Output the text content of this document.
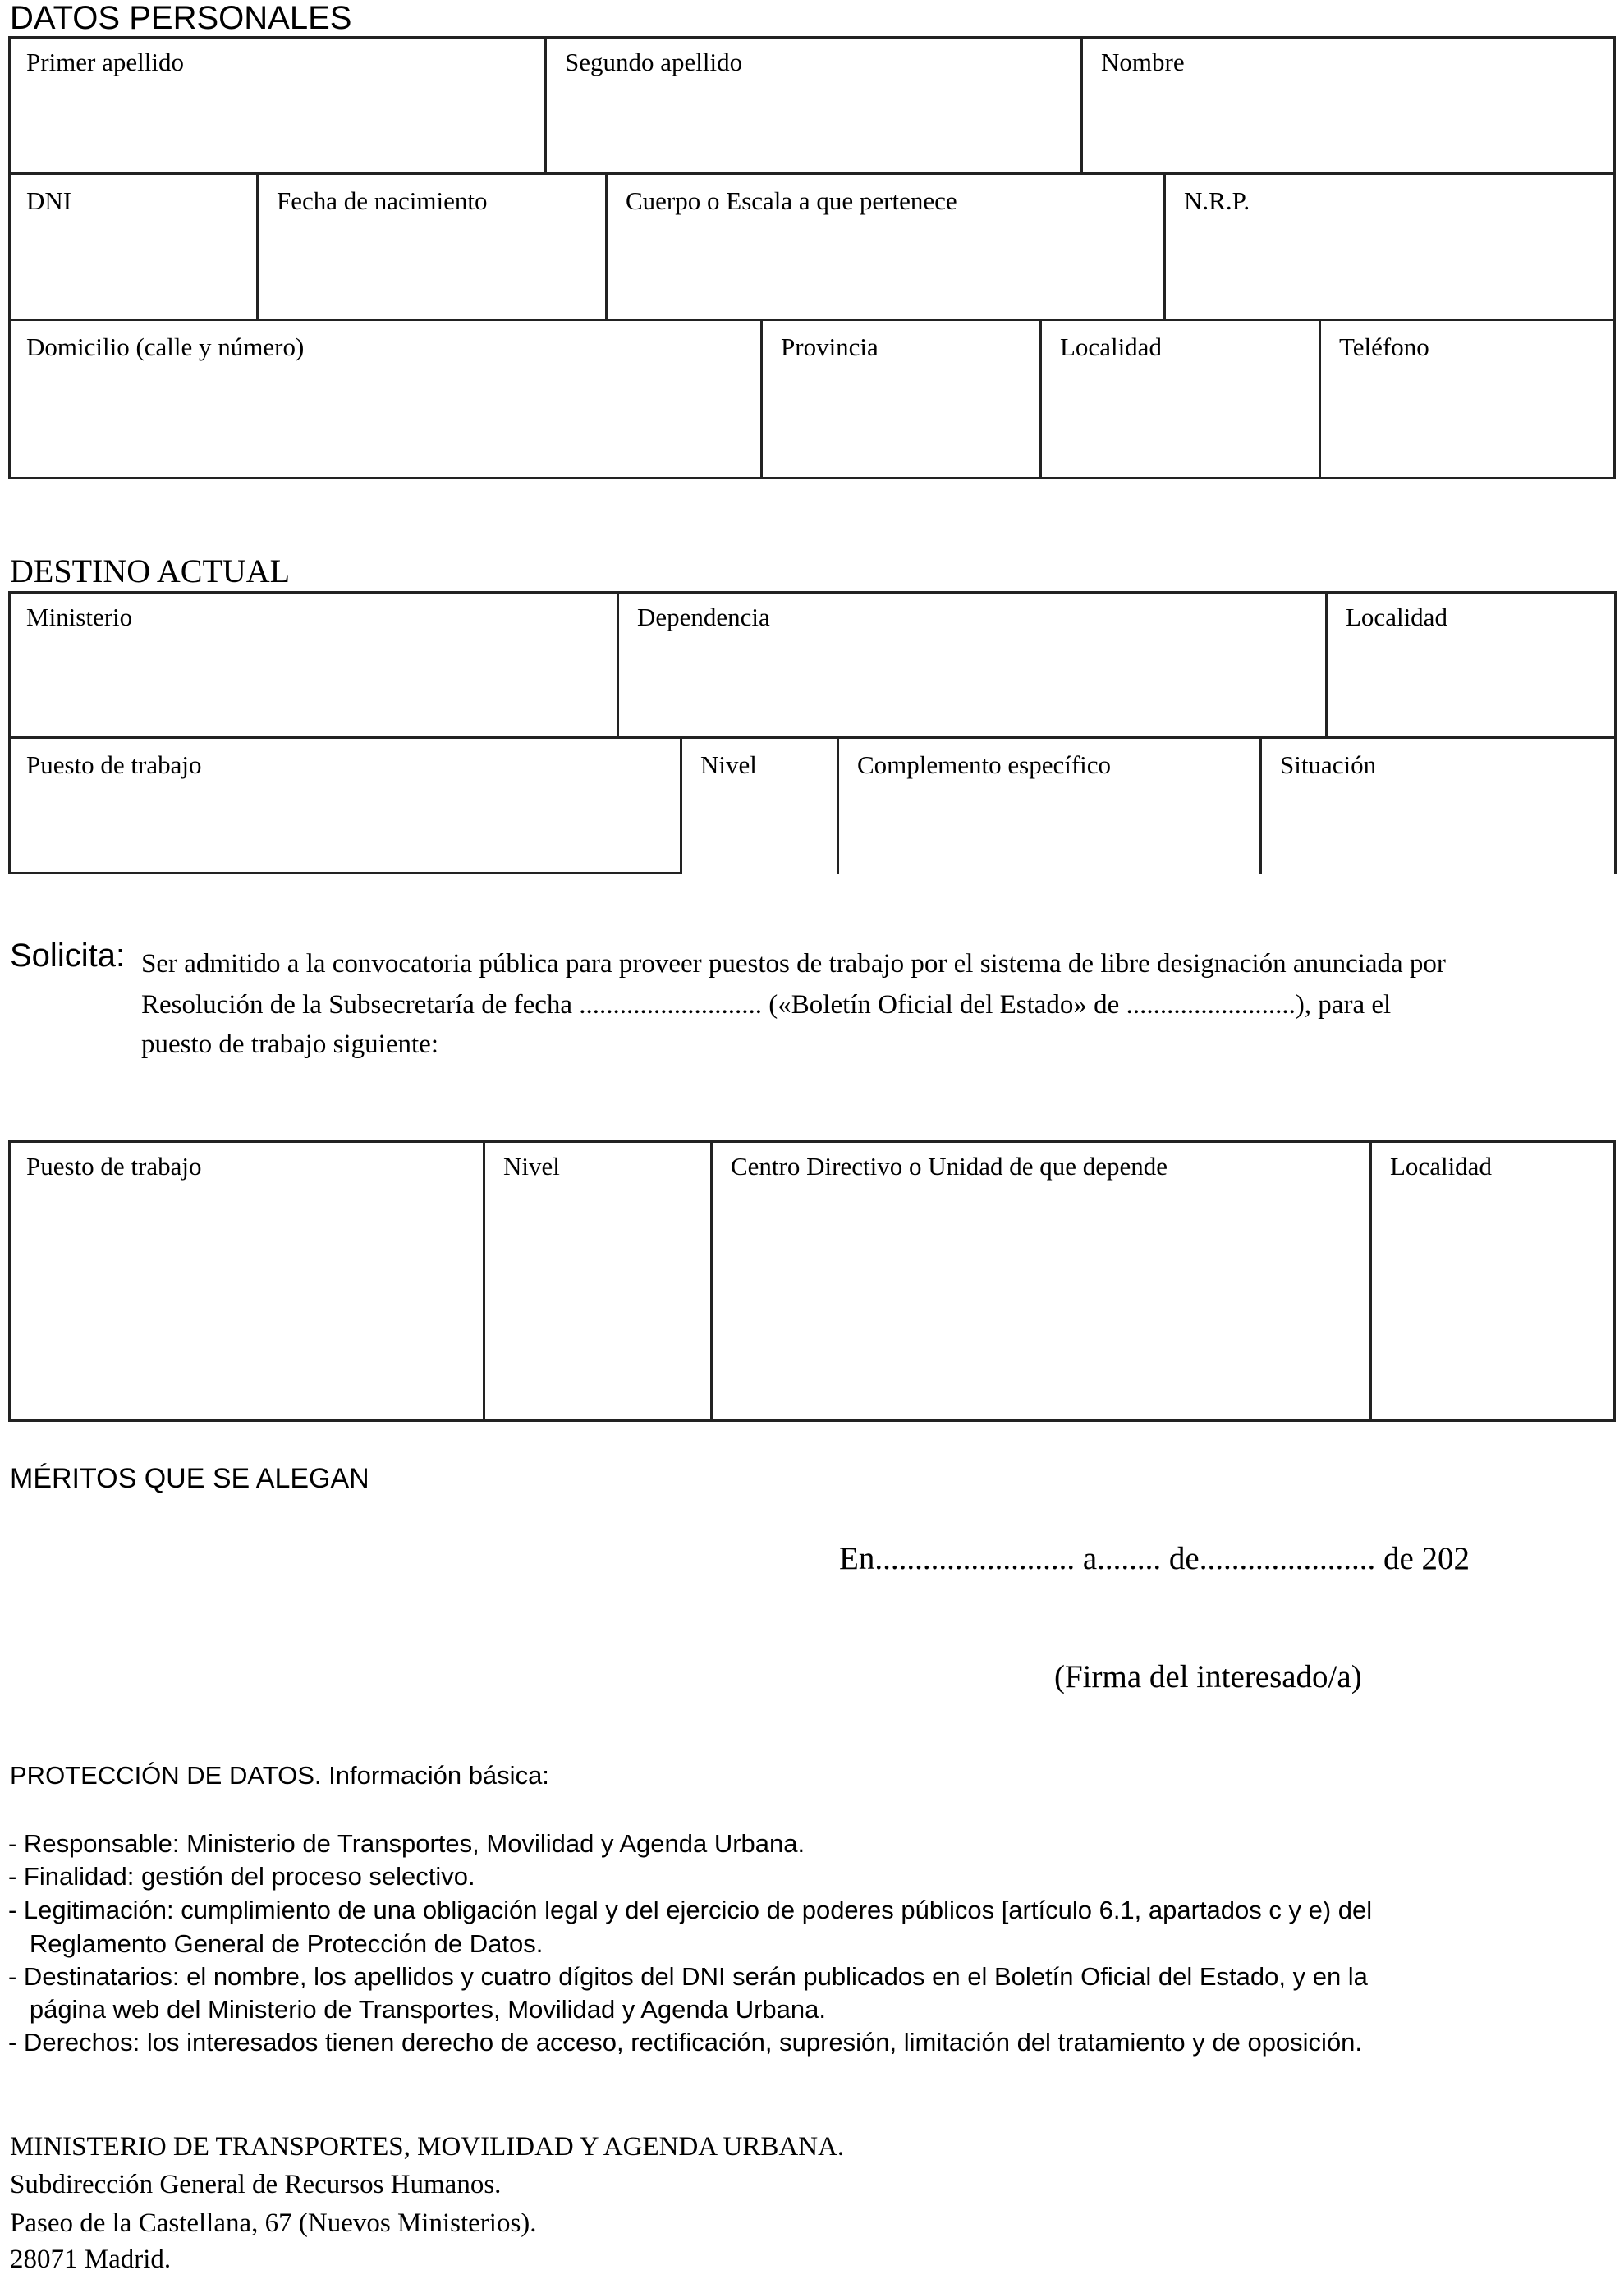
DATOS PERSONALES
Primer apellido	Segundo apellido	Nombre
DNI	Fecha de nacimiento	Cuerpo o Escala a que pertenece	N.R.P.
Domicilio (calle y número)	Provincia	Localidad	Teléfono
DESTINO ACTUAL
Ministerio	Dependencia	Localidad
Puesto de trabajo	Nivel	Complemento específico	Situación
Solicita: Ser admitido a la convocatoria pública para proveer puestos de trabajo por el sistema de libre designación anunciada por
Resolución de la Subsecretaría de fecha ........................... («Boletín Oficial del Estado» de .........................), para el
puesto de trabajo siguiente:
Puesto de trabajo	Nivel	Centro Directivo o Unidad de que depende	Localidad
MÉRITOS QUE SE ALEGAN
En......................... a........ de...................... de 202
(Firma del interesado/a)
PROTECCIÓN DE DATOS. Información básica:
- Responsable: Ministerio de Transportes, Movilidad y Agenda Urbana.
- Finalidad: gestión del proceso selectivo.
- Legitimación: cumplimiento de una obligación legal y del ejercicio de poderes públicos [artículo 6.1, apartados c y e) del
Reglamento General de Protección de Datos.
- Destinatarios: el nombre, los apellidos y cuatro dígitos del DNI serán publicados en el Boletín Oficial del Estado, y en la
página web del Ministerio de Transportes, Movilidad y Agenda Urbana.
- Derechos: los interesados tienen derecho de acceso, rectificación, supresión, limitación del tratamiento y de oposición.
MINISTERIO DE TRANSPORTES, MOVILIDAD Y AGENDA URBANA.
Subdirección General de Recursos Humanos.
Paseo de la Castellana, 67 (Nuevos Ministerios).
28071 Madrid.
